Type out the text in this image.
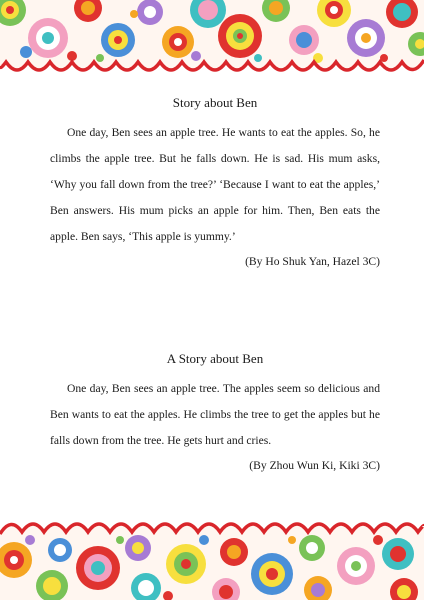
Story about Ben

One day, Ben sees an apple tree. He wants to eat the apples. So, he climbs the apple tree. But he falls down. He is sad. His mum asks, ‘Why you fall down from the tree?’ ‘Because I want to eat the apples,’ Ben answers. His mum picks an apple for him. Then, Ben eats the apple. Ben says, ‘This apple is yummy.’

(By Ho Shuk Yan, Hazel 3C)
A Story about Ben

One day, Ben sees an apple tree. The apples seem so delicious and Ben wants to eat the apples. He climbs the tree to get the apples but he falls down from the tree. He gets hurt and cries.

(By Zhou Wun Ki, Kiki 3C)
